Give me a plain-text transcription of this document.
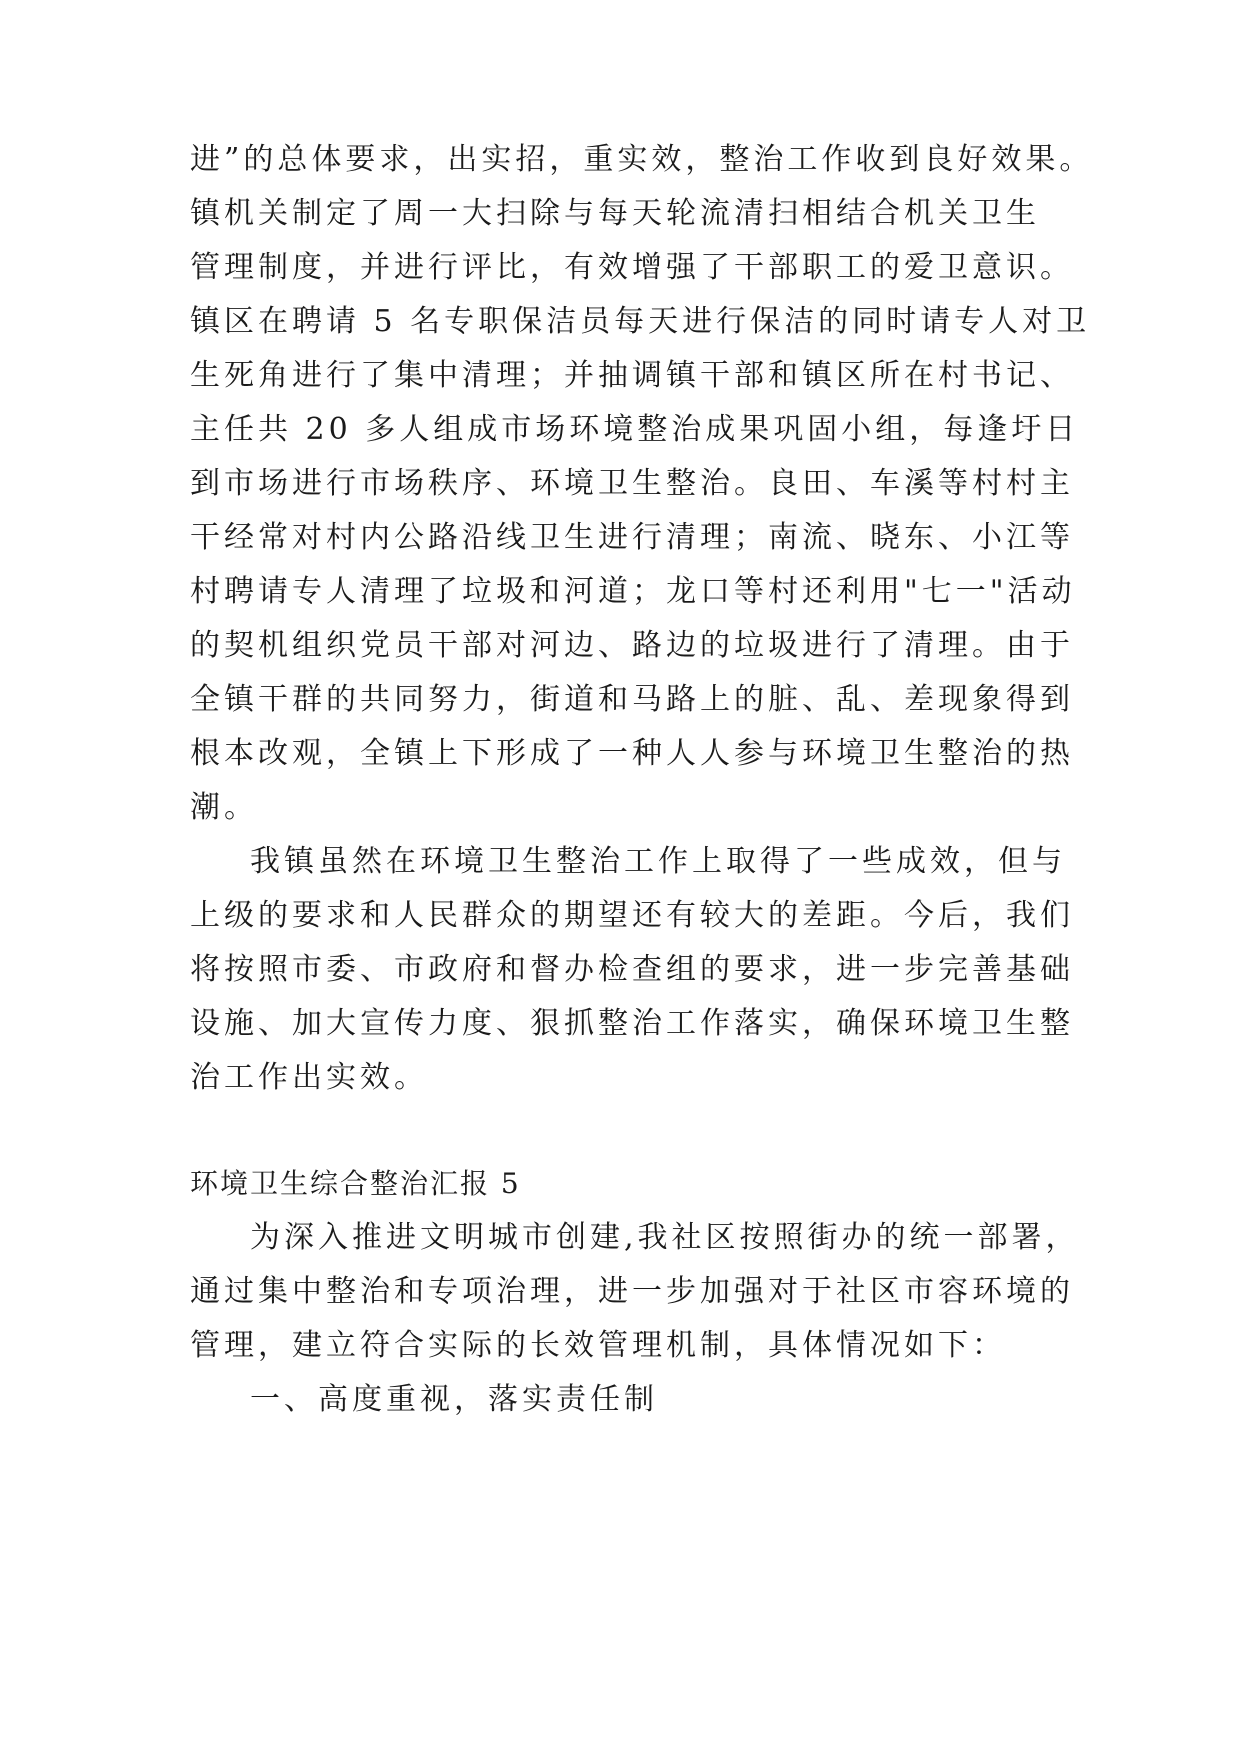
进”的总体要求，出实招，重实效，整治工作收到良好效果。
镇机关制定了周一大扫除与每天轮流清扫相结合机关卫生
管理制度，并进行评比，有效增强了干部职工的爱卫意识。
镇区在聘请 5 名专职保洁员每天进行保洁的同时请专人对卫
生死角进行了集中清理；并抽调镇干部和镇区所在村书记、
主任共 20 多人组成市场环境整治成果巩固小组，每逢圩日
到市场进行市场秩序、环境卫生整治。良田、车溪等村村主
干经常对村内公路沿线卫生进行清理；南流、晓东、小江等
村聘请专人清理了垃圾和河道；龙口等村还利用"七一"活动
的契机组织党员干部对河边、路边的垃圾进行了清理。由于
全镇干群的共同努力，街道和马路上的脏、乱、差现象得到
根本改观，全镇上下形成了一种人人参与环境卫生整治的热
潮。
我镇虽然在环境卫生整治工作上取得了一些成效，但与
上级的要求和人民群众的期望还有较大的差距。今后，我们
将按照市委、市政府和督办检查组的要求，进一步完善基础
设施、加大宣传力度、狠抓整治工作落实，确保环境卫生整
治工作出实效。
环境卫生综合整治汇报 5
为深入推进文明城市创建,我社区按照街办的统一部署，
通过集中整治和专项治理，进一步加强对于社区市容环境的
管理，建立符合实际的长效管理机制，具体情况如下：
一、高度重视，落实责任制
